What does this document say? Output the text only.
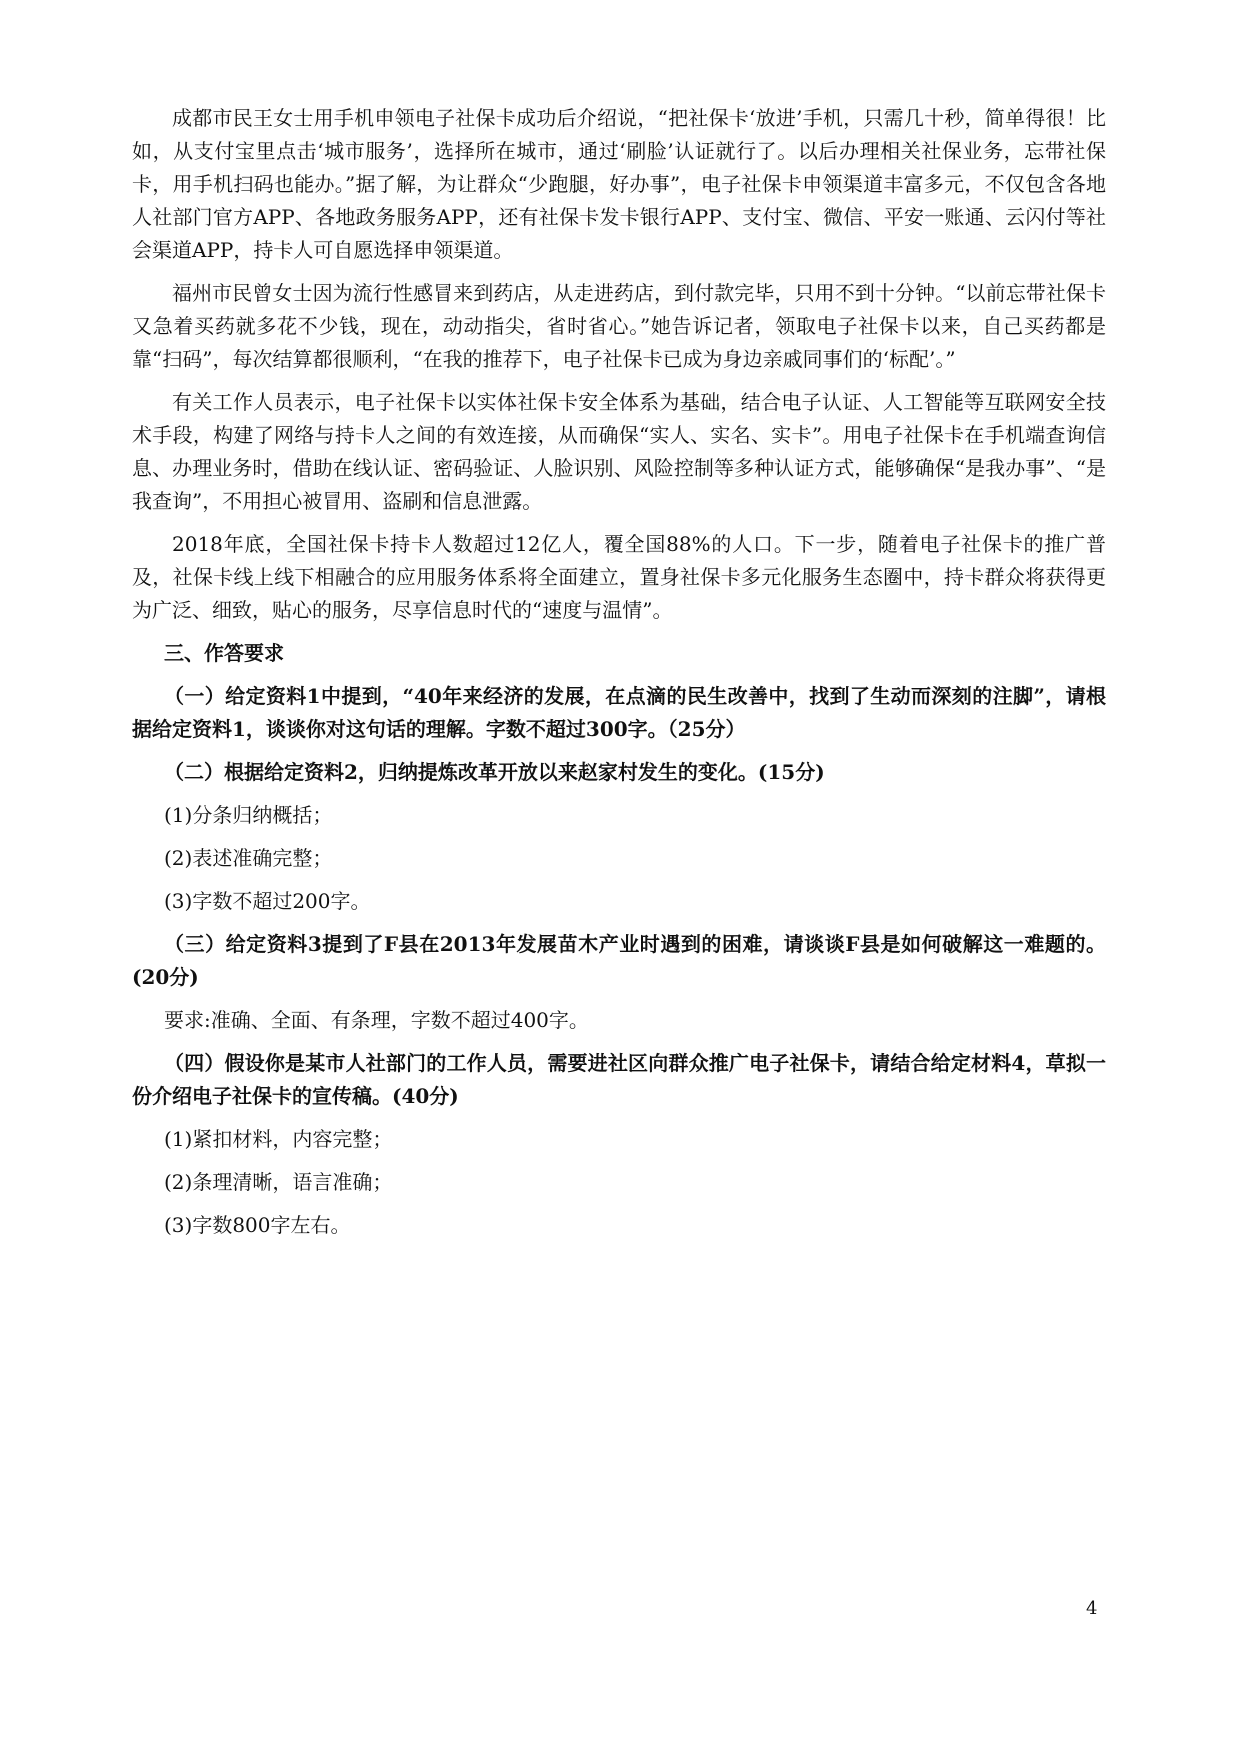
成都市民王女士用手机申领电子社保卡成功后介绍说，“把社保卡‘放进’手机，只需几十秒，简单得很！比如，从支付宝里点击‘城市服务’，选择所在城市，通过‘刷脸’认证就行了。以后办理相关社保业务，忘带社保卡，用手机扫码也能办。”据了解，为让群众“少跑腿，好办事”，电子社保卡申领渠道丰富多元，不仅包含各地人社部门官方APP、各地政务服务APP，还有社保卡发卡银行APP、支付宝、微信、平安一账通、云闪付等社会渠道APP，持卡人可自愿选择申领渠道。

福州市民曾女士因为流行性感冒来到药店，从走进药店，到付款完毕，只用不到十分钟。“以前忘带社保卡又急着买药就多花不少钱，现在，动动指尖，省时省心。”她告诉记者，领取电子社保卡以来，自己买药都是靠“扫码”，每次结算都很顺利，“在我的推荐下，电子社保卡已成为身边亲戚同事们的‘标配’。”

有关工作人员表示，电子社保卡以实体社保卡安全体系为基础，结合电子认证、人工智能等互联网安全技术手段，构建了网络与持卡人之间的有效连接，从而确保“实人、实名、实卡”。用电子社保卡在手机端查询信息、办理业务时，借助在线认证、密码验证、人脸识别、风险控制等多种认证方式，能够确保“是我办事”、“是我查询”，不用担心被冒用、盗刷和信息泄露。

2018年底，全国社保卡持卡人数超过12亿人，覆全国88%的人口。下一步，随着电子社保卡的推广普及，社保卡线上线下相融合的应用服务体系将全面建立，置身社保卡多元化服务生态圈中，持卡群众将获得更为广泛、细致，贴心的服务，尽享信息时代的“速度与温情”。

三、作答要求

（一）给定资料1中提到，“40年来经济的发展，在点滴的民生改善中，找到了生动而深刻的注脚”，请根据给定资料1，谈谈你对这句话的理解。字数不超过300字。（25分）

（二）根据给定资料2，归纳提炼改革开放以来赵家村发生的变化。(15分)

(1)分条归纳概括；

(2)表述准确完整；

(3)字数不超过200字。

（三）给定资料3提到了F县在2013年发展苗木产业时遇到的困难，请谈谈F县是如何破解这一难题的。(20分)

要求:准确、全面、有条理，字数不超过400字。

（四）假设你是某市人社部门的工作人员，需要进社区向群众推广电子社保卡，请结合给定材料4，草拟一份介绍电子社保卡的宣传稿。(40分)

(1)紧扣材料，内容完整；

(2)条理清晰，语言准确；

(3)字数800字左右。

4
